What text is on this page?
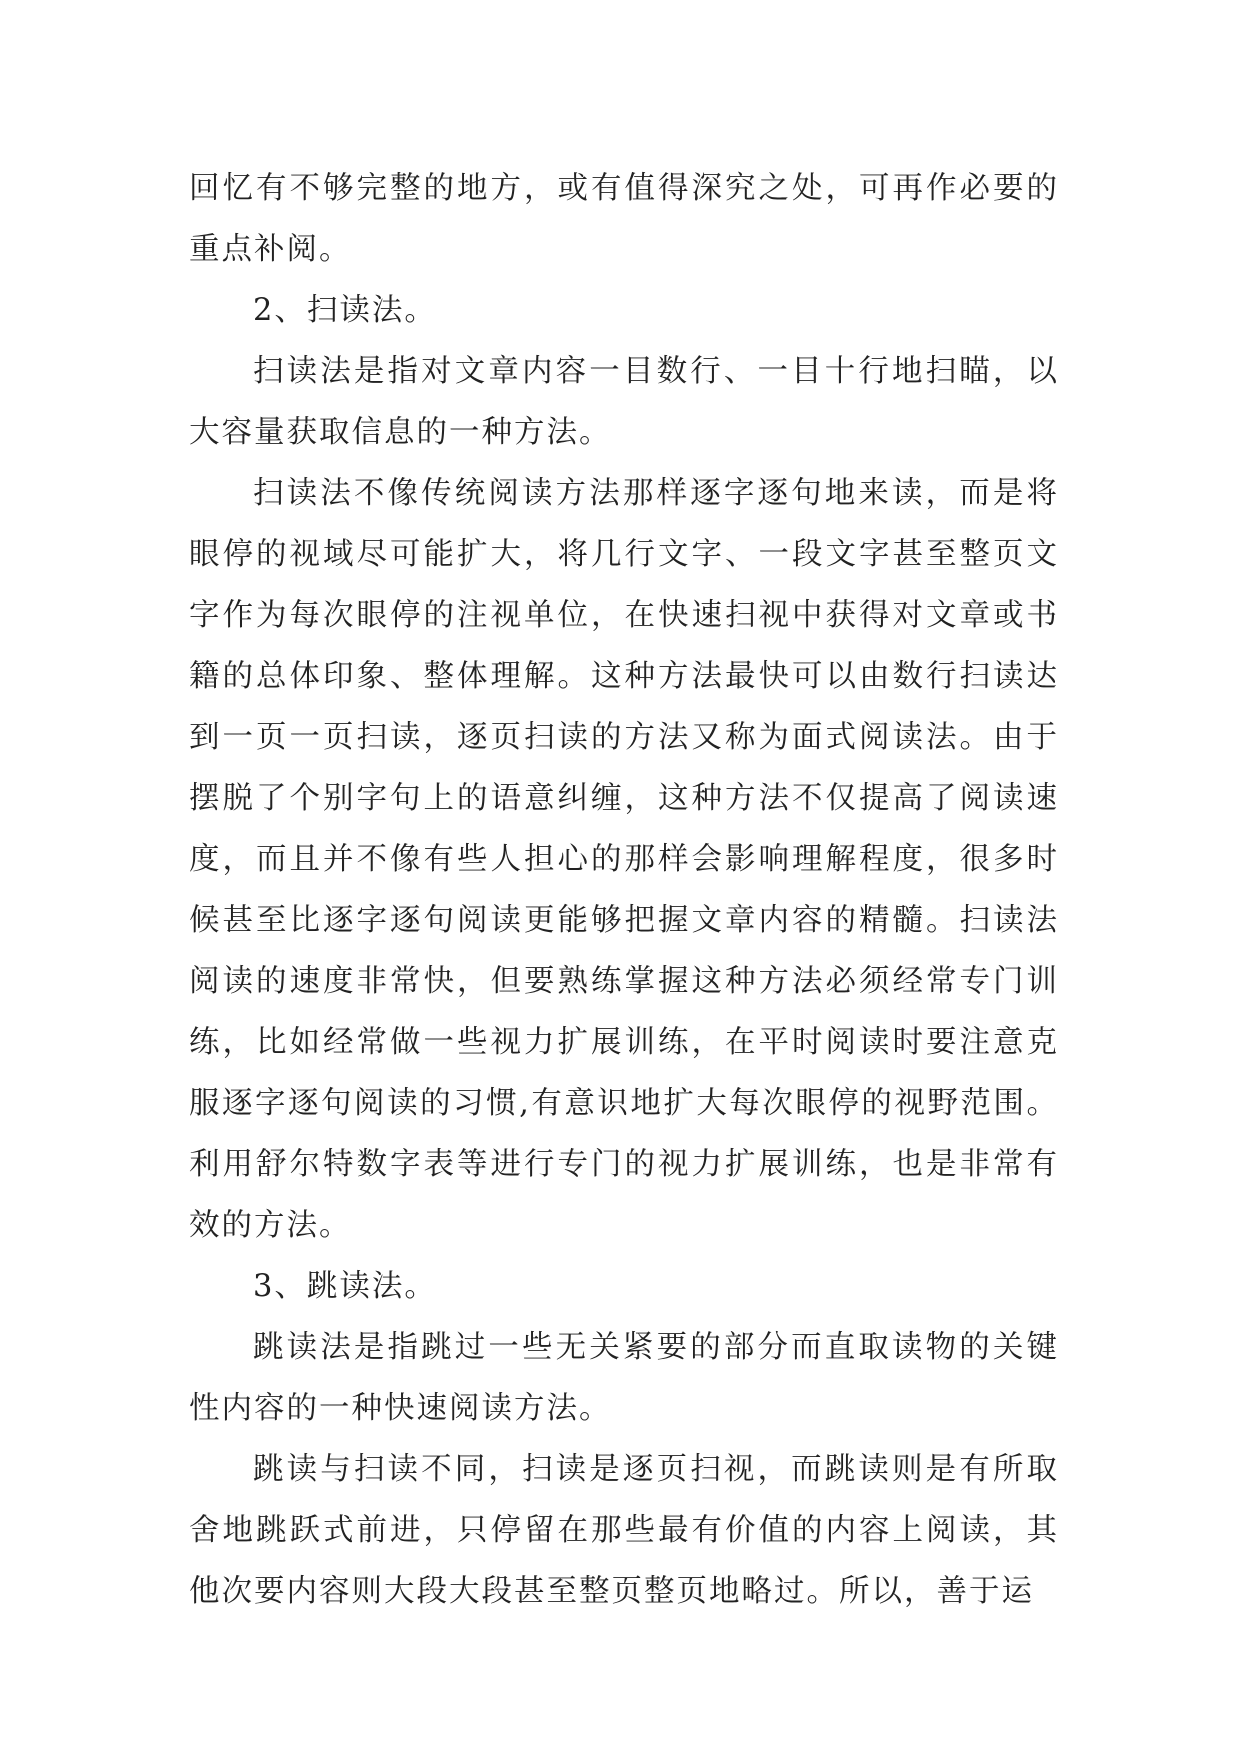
回忆有不够完整的地方，或有值得深究之处，可再作必要的重点补阅。

2、扫读法。

扫读法是指对文章内容一目数行、一目十行地扫瞄，以大容量获取信息的一种方法。

扫读法不像传统阅读方法那样逐字逐句地来读，而是将眼停的视域尽可能扩大，将几行文字、一段文字甚至整页文字作为每次眼停的注视单位，在快速扫视中获得对文章或书籍的总体印象、整体理解。这种方法最快可以由数行扫读达到一页一页扫读，逐页扫读的方法又称为面式阅读法。由于摆脱了个别字句上的语意纠缠，这种方法不仅提高了阅读速度，而且并不像有些人担心的那样会影响理解程度，很多时候甚至比逐字逐句阅读更能够把握文章内容的精髓。扫读法阅读的速度非常快，但要熟练掌握这种方法必须经常专门训练，比如经常做一些视力扩展训练，在平时阅读时要注意克服逐字逐句阅读的习惯,有意识地扩大每次眼停的视野范围。利用舒尔特数字表等进行专门的视力扩展训练，也是非常有效的方法。

3、跳读法。

跳读法是指跳过一些无关紧要的部分而直取读物的关键性内容的一种快速阅读方法。

跳读与扫读不同，扫读是逐页扫视，而跳读则是有所取舍地跳跃式前进，只停留在那些最有价值的内容上阅读，其他次要内容则大段大段甚至整页整页地略过。所以，善于运
